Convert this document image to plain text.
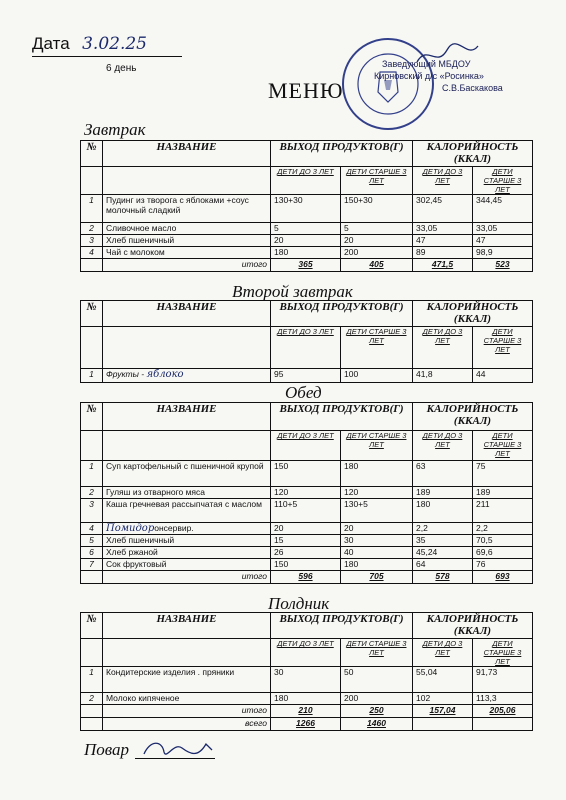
Дата 3.02.25
6 день
МЕНЮ
Заведующий МБДОУ
Кирновский д/с «Росинка»
С.В.Баскакова
Завтрак
Второй завтрак
Обед
Полдник
№	НАЗВАНИЕ	ВЫХОД ПРОДУКТОВ(Г)		КАЛОРИЙНОСТЬ (ККАЛ)	
		ДЕТИ ДО 3 ЛЕТ	ДЕТИ СТАРШЕ 3 ЛЕТ	ДЕТИ ДО 3 ЛЕТ	ДЕТИ СТАРШЕ 3 ЛЕТ
1	Пудинг из творога с яблоками +соус молочный сладкий	130+30	150+30	302,45	344,45
2	Сливочное масло	5	5	33,05	33,05
3	Хлеб пшеничный	20	20	47	47
4	Чай с молоком	180	200	89	98,9
	итого	365	405	471,5	523
№	НАЗВАНИЕ	ВЫХОД ПРОДУКТОВ(Г)		КАЛОРИЙНОСТЬ (ККАЛ)	
		ДЕТИ ДО 3 ЛЕТ	ДЕТИ СТАРШЕ 3 ЛЕТ	ДЕТИ ДО 3 ЛЕТ	ДЕТИ СТАРШЕ 3 ЛЕТ
1	Фрукты - яблоко	95	100	41,8	44
№	НАЗВАНИЕ	ВЫХОД ПРОДУКТОВ(Г)		КАЛОРИЙНОСТЬ (ККАЛ)	
		ДЕТИ ДО 3 ЛЕТ	ДЕТИ СТАРШЕ 3 ЛЕТ	ДЕТИ ДО 3 ЛЕТ	ДЕТИ СТАРШЕ 3 ЛЕТ
1	Суп картофельный с пшеничной крупой	150	180	63	75
2	Гуляш из отварного мяса	120	120	189	189
3	Каша гречневая рассыпчатая с маслом	110+5	130+5	180	211
4	Помидоронсервир.	20	20	2,2	2,2
5	Хлеб пшеничный	15	30	35	70,5
6	Хлеб ржаной	26	40	45,24	69,6
7	Сок фруктовый	150	180	64	76
	итого	596	705	578	693
№	НАЗВАНИЕ	ВЫХОД ПРОДУКТОВ(Г)		КАЛОРИЙНОСТЬ (ККАЛ)	
		ДЕТИ ДО 3 ЛЕТ	ДЕТИ СТАРШЕ 3 ЛЕТ	ДЕТИ ДО 3 ЛЕТ	ДЕТИ СТАРШЕ 3 ЛЕТ
1	Кондитерские изделия . пряники	30	50	55,04	91,73
2	Молоко кипяченое	180	200	102	113,3
	итого	210	250	157,04	205,06
	всего	1266	1460		
Повар
